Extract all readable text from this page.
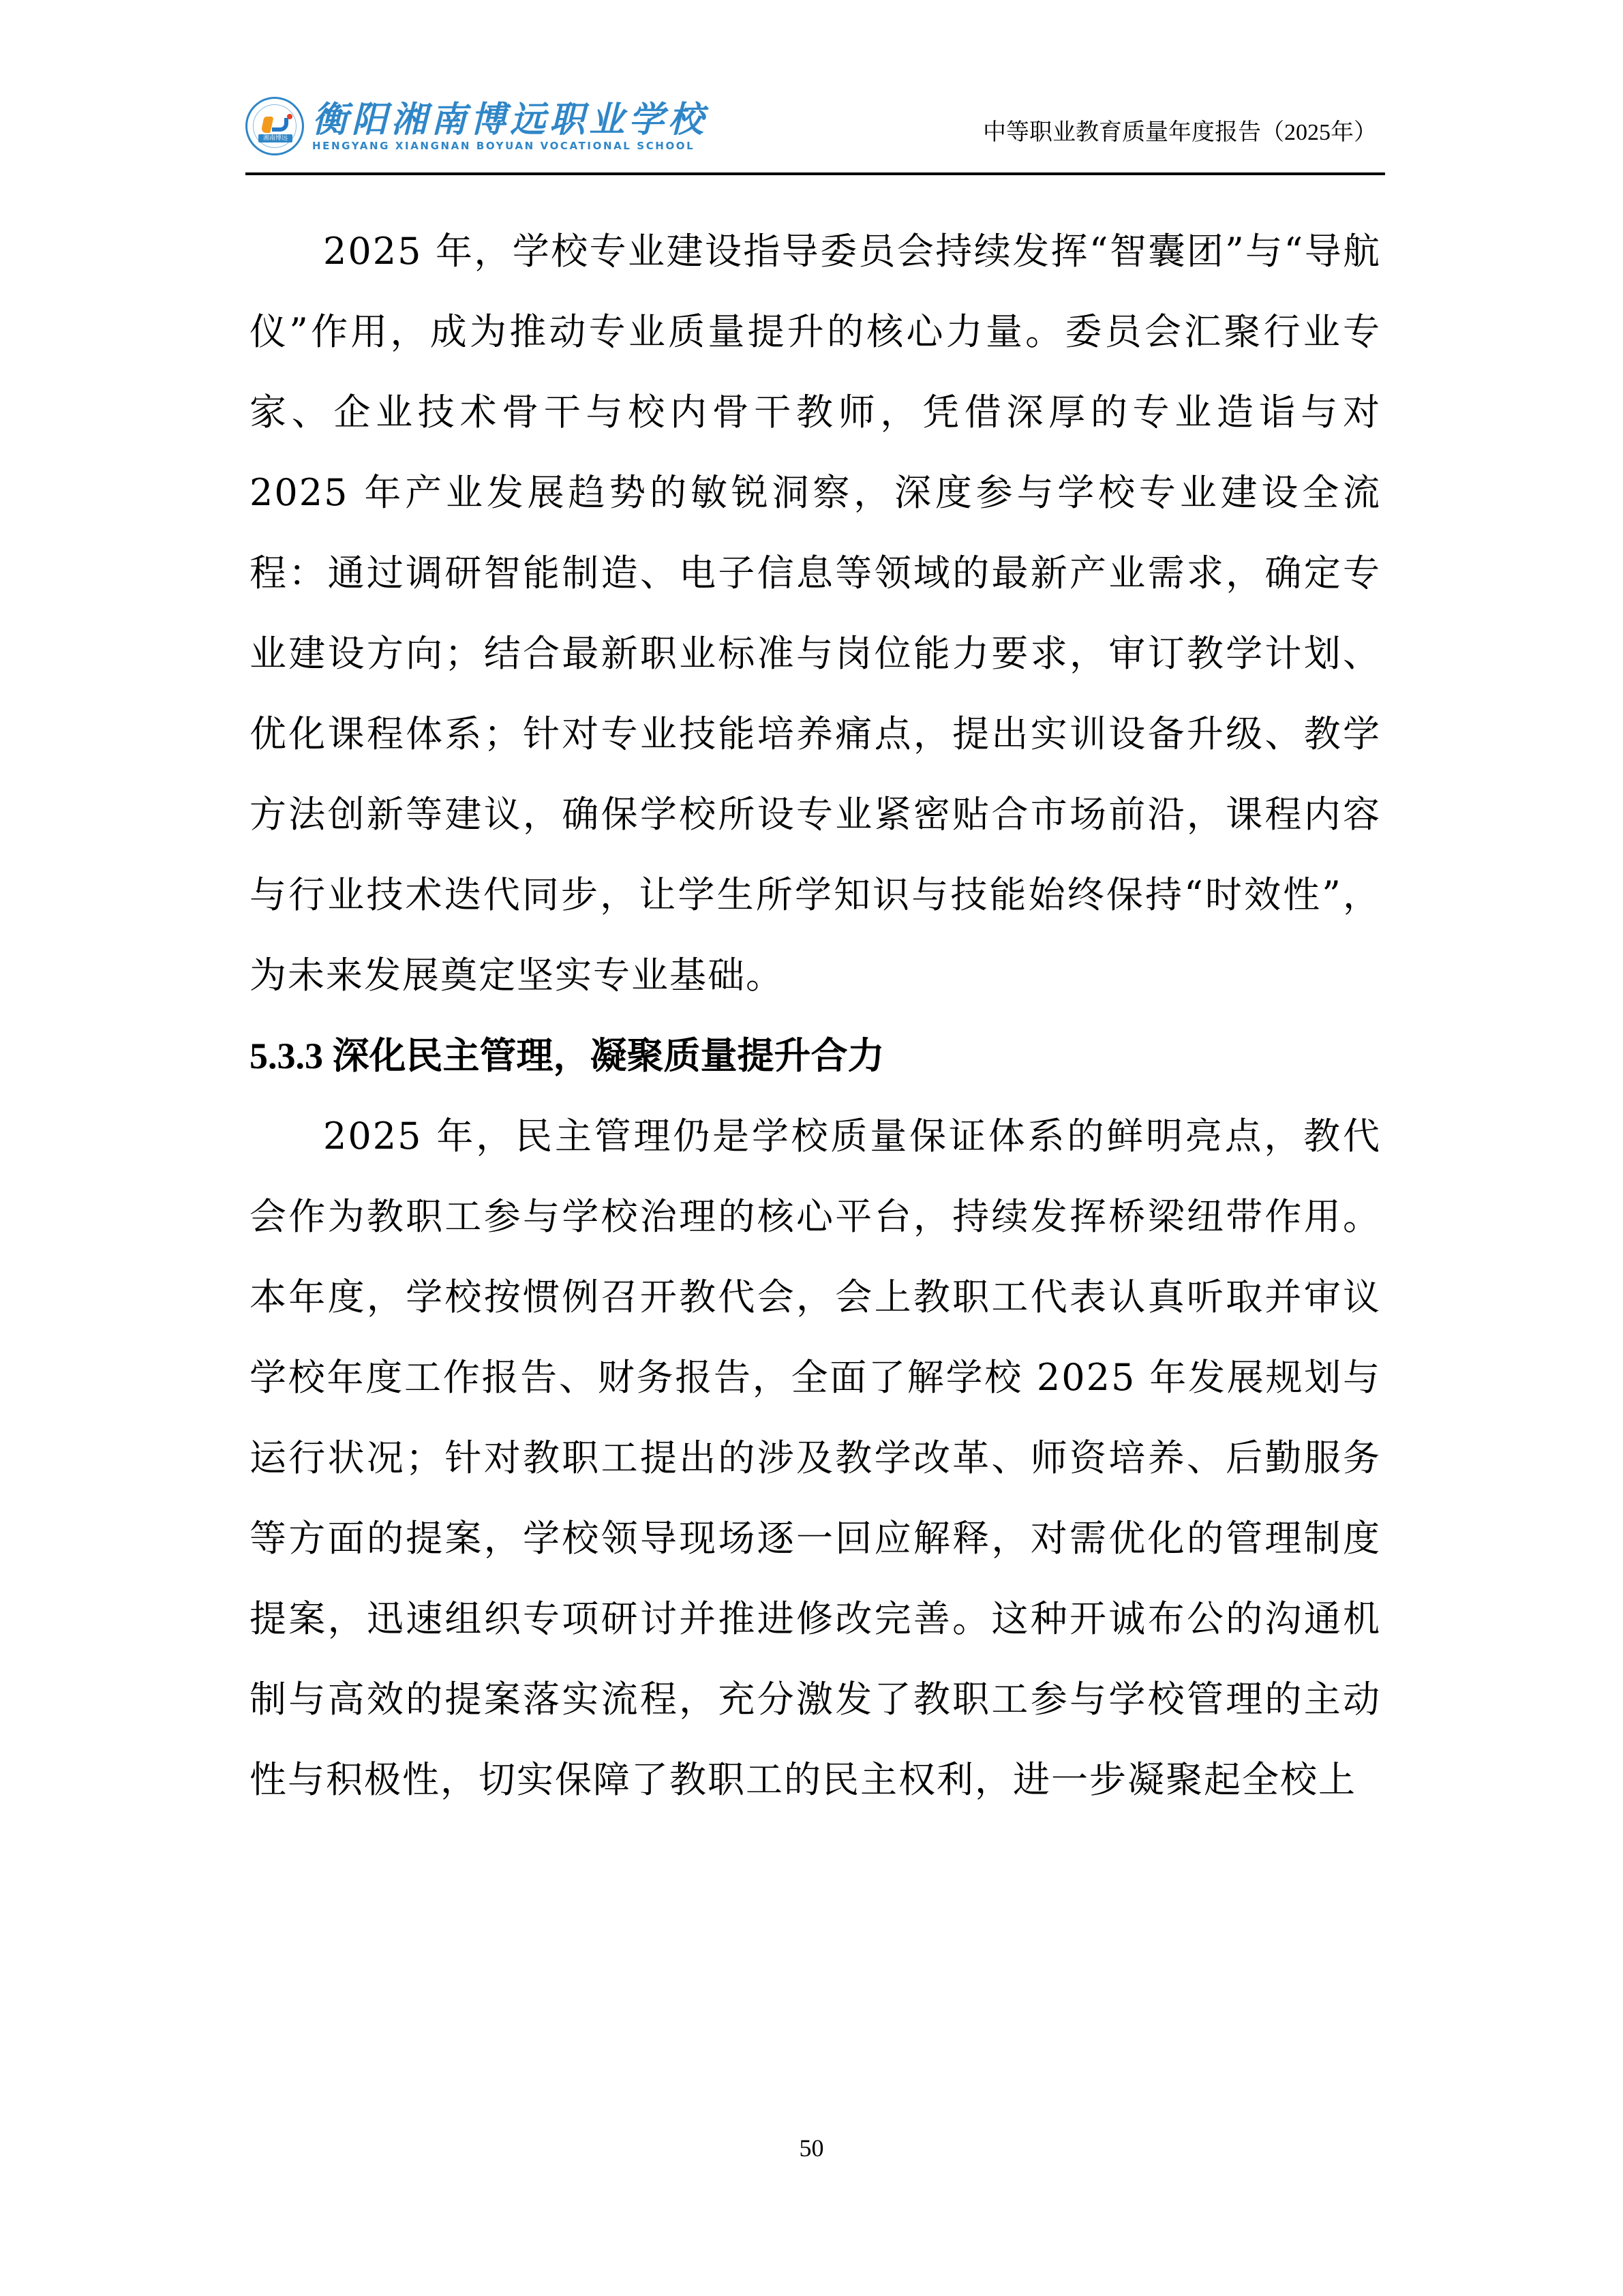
湘南博远 衡阳湘南博远职业学校
HENGYANG XIANGNAN BOYUAN VOCATIONAL SCHOOL
中等职业教育质量年度报告（2025年）

2025 年，学校专业建设指导委员会持续发挥“智囊团”与“导航仪”作用，成为推动专业质量提升的核心力量。委员会汇聚行业专家、企业技术骨干与校内骨干教师，凭借深厚的专业造诣与对 2025 年产业发展趋势的敏锐洞察，深度参与学校专业建设全流程：通过调研智能制造、电子信息等领域的最新产业需求，确定专业建设方向；结合最新职业标准与岗位能力要求，审订教学计划、优化课程体系；针对专业技能培养痛点，提出实训设备升级、教学方法创新等建议，确保学校所设专业紧密贴合市场前沿，课程内容与行业技术迭代同步，让学生所学知识与技能始终保持“时效性”，为未来发展奠定坚实专业基础。

5.3.3 深化民主管理，凝聚质量提升合力

2025 年，民主管理仍是学校质量保证体系的鲜明亮点，教代会作为教职工参与学校治理的核心平台，持续发挥桥梁纽带作用。本年度，学校按惯例召开教代会，会上教职工代表认真听取并审议学校年度工作报告、财务报告，全面了解学校 2025 年发展规划与运行状况；针对教职工提出的涉及教学改革、师资培养、后勤服务等方面的提案，学校领导现场逐一回应解释，对需优化的管理制度提案，迅速组织专项研讨并推进修改完善。这种开诚布公的沟通机制与高效的提案落实流程，充分激发了教职工参与学校管理的主动性与积极性，切实保障了教职工的民主权利，进一步凝聚起全校上

50
